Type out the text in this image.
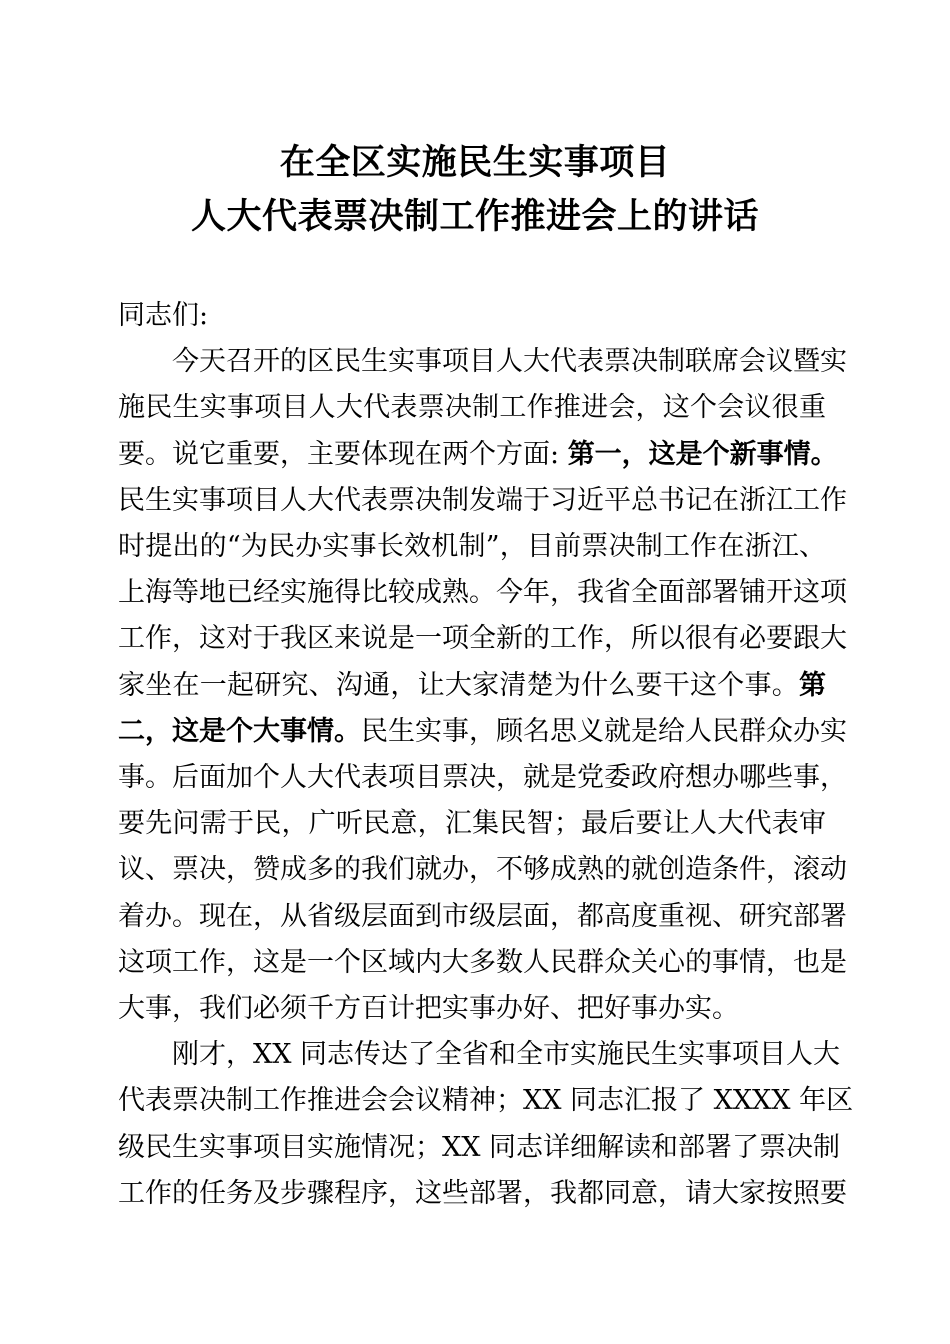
在全区实施民生实事项目
人大代表票决制工作推进会上的讲话
同志们:
今天召开的区民生实事项目人大代表票决制联席会议暨实
施民生实事项目人大代表票决制工作推进会，这个会议很重
要。说它重要，主要体现在两个方面: 第一，这是个新事情。
民生实事项目人大代表票决制发端于习近平总书记在浙江工作
时提出的“为民办实事长效机制”，目前票决制工作在浙江、
上海等地已经实施得比较成熟。今年，我省全面部署铺开这项
工作，这对于我区来说是一项全新的工作，所以很有必要跟大
家坐在一起研究、沟通，让大家清楚为什么要干这个事。第
二，这是个大事情。民生实事，顾名思义就是给人民群众办实
事。后面加个人大代表项目票决，就是党委政府想办哪些事，
要先问需于民，广听民意，汇集民智；最后要让人大代表审
议、票决，赞成多的我们就办，不够成熟的就创造条件，滚动
着办。现在，从省级层面到市级层面，都高度重视、研究部署
这项工作，这是一个区域内大多数人民群众关心的事情，也是
大事，我们必须千方百计把实事办好、把好事办实。
刚才，XX 同志传达了全省和全市实施民生实事项目人大
代表票决制工作推进会会议精神；XX 同志汇报了 XXXX 年区
级民生实事项目实施情况；XX 同志详细解读和部署了票决制
工作的任务及步骤程序，这些部署，我都同意，请大家按照要
